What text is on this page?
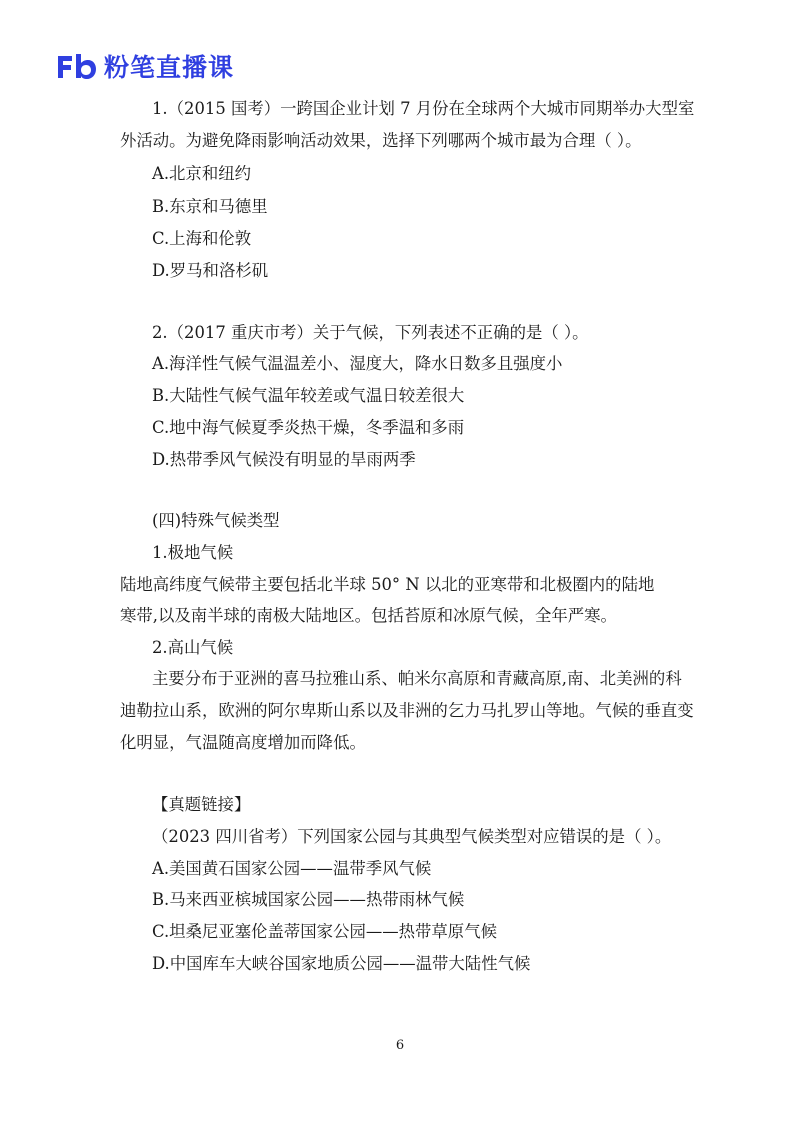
粉笔直播课
1.（2015 国考）一跨国企业计划 7 月份在全球两个大城市同期举办大型室
外活动。为避免降雨影响活动效果，选择下列哪两个城市最为合理（ ）。
A.北京和纽约
B.东京和马德里
C.上海和伦敦
D.罗马和洛杉矶
2.（2017 重庆市考）关于气候，下列表述不正确的是（ ）。
A.海洋性气候气温温差小、湿度大，降水日数多且强度小
B.大陆性气候气温年较差或气温日较差很大
C.地中海气候夏季炎热干燥，冬季温和多雨
D.热带季风气候没有明显的旱雨两季
(四)特殊气候类型
1.极地气候
陆地高纬度气候带主要包括北半球 50° N 以北的亚寒带和北极圈内的陆地
寒带,以及南半球的南极大陆地区。包括苔原和冰原气候，全年严寒。
2.高山气候
主要分布于亚洲的喜马拉雅山系、帕米尔高原和青藏高原,南、北美洲的科
迪勒拉山系，欧洲的阿尔卑斯山系以及非洲的乞力马扎罗山等地。气候的垂直变
化明显，气温随高度增加而降低。
【真题链接】
（2023 四川省考）下列国家公园与其典型气候类型对应错误的是（ ）。
A.美国黄石国家公园——温带季风气候
B.马来西亚槟城国家公园——热带雨林气候
C.坦桑尼亚塞伦盖蒂国家公园——热带草原气候
D.中国库车大峡谷国家地质公园——温带大陆性气候
6
